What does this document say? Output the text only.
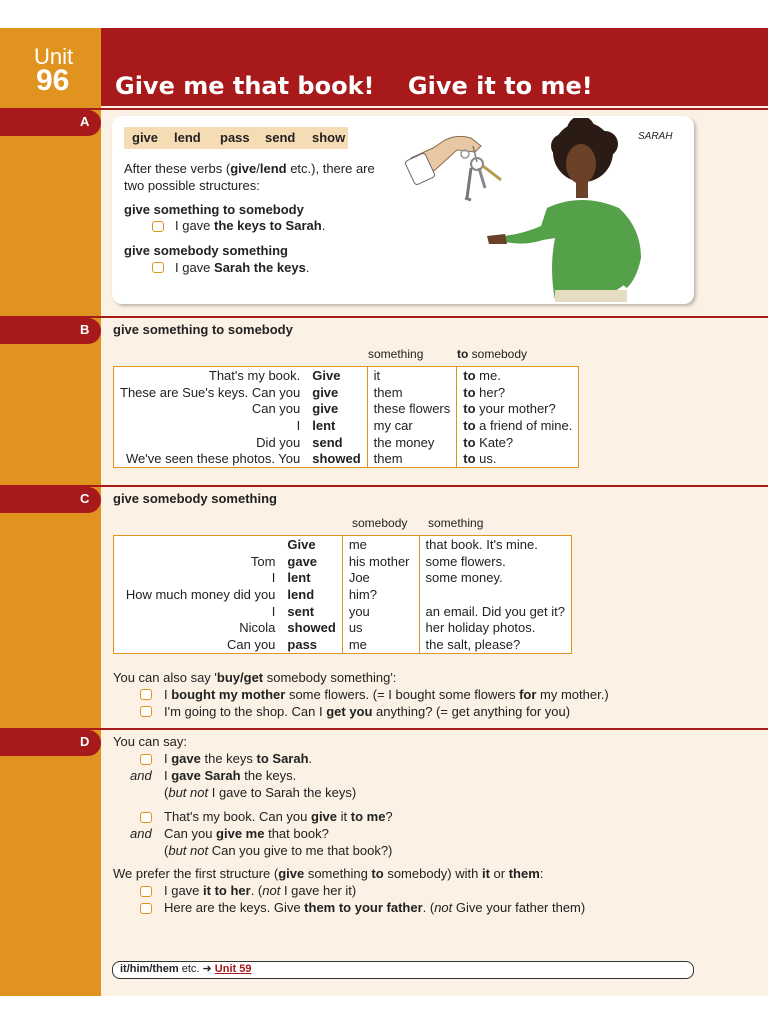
Unit
96 Give me that book!    Give it to me!
A
give lend pass send show
After these verbs (give/lend etc.), there are
two possible structures:
give something to somebody
I gave the keys to Sarah.
give somebody something
I gave Sarah the keys.
SARAH
B give something to somebody
something	to somebody
That's my book.	Give	it	to me.
These are Sue's keys. Can you	give	them	to her?
Can you	give	these flowers	to your mother?
I	lent	my car	to a friend of mine.
Did you	send	the money	to Kate?
We've seen these photos. You	showed	them	to us.
C give somebody something
somebody something
	Give	me	that book. It's mine.
Tom	gave	his mother	some flowers.
I	lent	Joe	some money.
How much money did you	lend	him?	
I	sent	you	an email. Did you get it?
Nicola	showed	us	her holiday photos.
Can you	pass	me	the salt, please?
You can also say 'buy/get somebody something':
I bought my mother some flowers. (= I bought some flowers for my mother.)
I'm going to the shop. Can I get you anything? (= get anything for you)
D You can say:
I gave the keys to Sarah.
and I gave Sarah the keys.
(but not I gave to Sarah the keys)
That's my book. Can you give it to me?
and Can you give me that book?
(but not Can you give to me that book?)
We prefer the first structure (give something to somebody) with it or them:
I gave it to her. (not I gave her it)
Here are the keys. Give them to your father. (not Give your father them)
it/him/them etc. ➜ Unit 59
